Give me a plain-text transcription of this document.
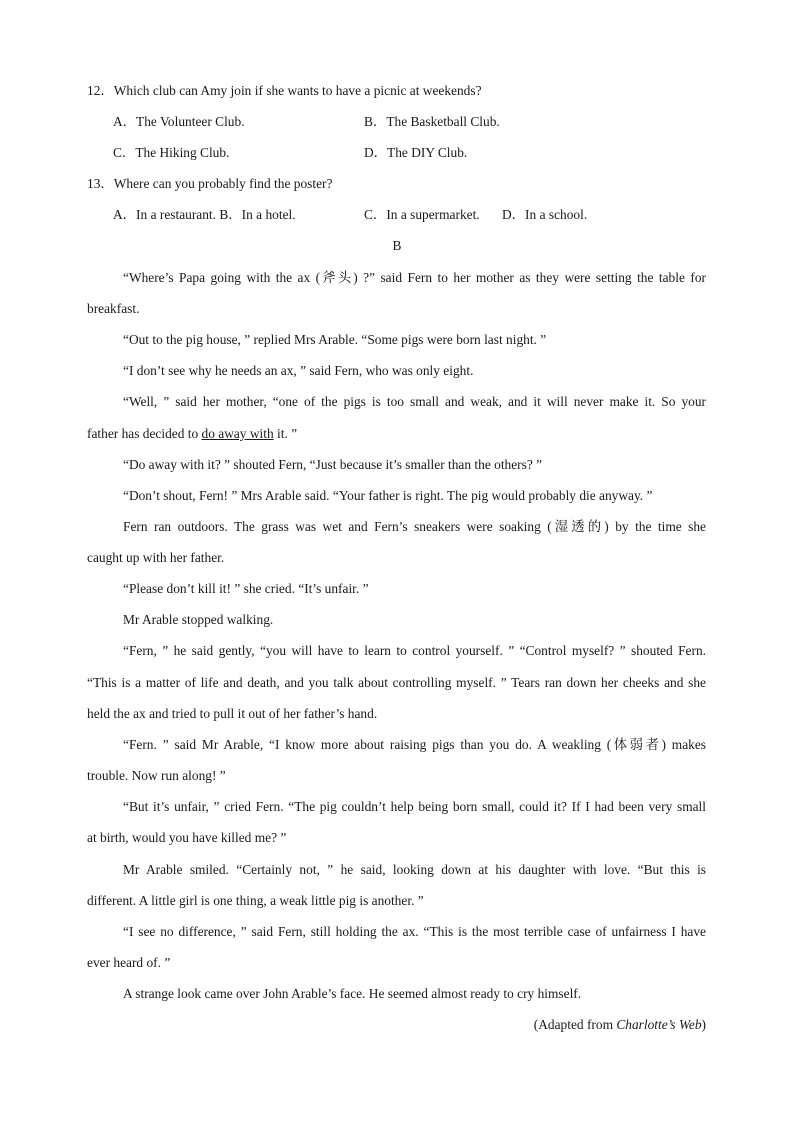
12．Which club can Amy join if she wants to have a picnic at weekends?
A．The Volunteer Club.	B．The Basketball Club.
C．The Hiking Club.	D．The DIY Club.
13．Where can you probably find the poster?
A．In a restaurant. B．In a hotel.	C．In a supermarket. D．In a school.
B
“Where’s Papa going with the ax (斧头) ?” said Fern to her mother as they were setting the table for
breakfast.
“Out to the pig house, ” replied Mrs Arable. “Some pigs were born last night. ”
“I don’t see why he needs an ax, ” said Fern, who was only eight.
“Well, ” said her mother, “one of the pigs is too small and weak, and it will never make it. So your
father has decided to do away with it. ”
“Do away with it? ” shouted Fern, “Just because it’s smaller than the others? ”
“Don’t shout, Fern! ” Mrs Arable said. “Your father is right. The pig would probably die anyway. ”
Fern ran outdoors. The grass was wet and Fern’s sneakers were soaking (湿透的) by the time she
caught up with her father.
“Please don’t kill it! ” she cried. “It’s unfair. ”
Mr Arable stopped walking.
“Fern, ” he said gently, “you will have to learn to control yourself. ” “Control myself? ” shouted Fern.
“This is a matter of life and death, and you talk about controlling myself. ” Tears ran down her cheeks and she
held the ax and tried to pull it out of her father’s hand.
“Fern. ” said Mr Arable, “I know more about raising pigs than you do. A weakling (体弱者) makes
trouble. Now run along! ”
“But it’s unfair, ” cried Fern. “The pig couldn’t help being born small, could it? If I had been very small
at birth, would you have killed me? ”
Mr Arable smiled. “Certainly not, ” he said, looking down at his daughter with love. “But this is
different. A little girl is one thing, a weak little pig is another. ”
“I see no difference, ” said Fern, still holding the ax. “This is the most terrible case of unfairness I have
ever heard of. ”
A strange look came over John Arable’s face. He seemed almost ready to cry himself.
(Adapted from Charlotte’s Web)
